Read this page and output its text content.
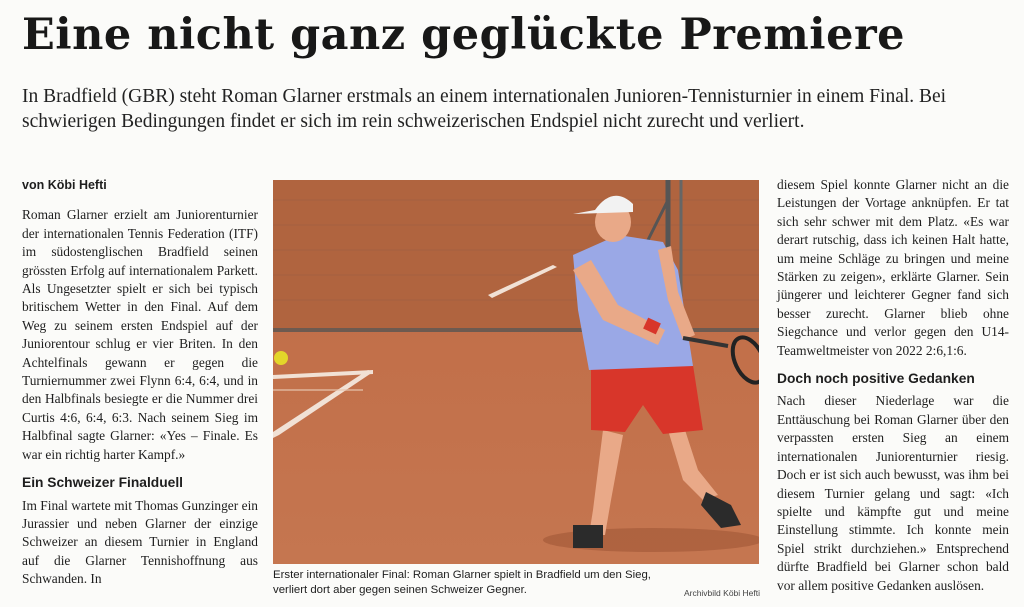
Eine nicht ganz geglückte Premiere

In Bradfield (GBR) steht Roman Glarner erstmals an einem internationalen Junioren-Tennisturnier in einem Final. Bei schwierigen Bedingungen findet er sich im rein schweizerischen Endspiel nicht zurecht und verliert.

von Köbi Hefti

Roman Glarner erzielt am Juniorenturnier der internationalen Tennis Federation (ITF) im südostenglischen Bradfield seinen grössten Erfolg auf internationalem Parkett. Als Ungesetzter spielt er sich bei typisch britischem Wetter in den Final. Auf dem Weg zu seinem ersten Endspiel auf der Juniorentour schlug er vier Briten. In den Achtelfinals gewann er gegen die Turniernummer zwei Flynn 6:4, 6:4, und in den Halbfinals besiegte er die Nummer drei Curtis 4:6, 6:4, 6:3. Nach seinem Sieg im Halbfinal sagte Glarner: «Yes – Finale. Es war ein richtig harter Kampf.»

Ein Schweizer Finalduell

Im Final wartete mit Thomas Gunzinger ein Jurassier und neben Glarner der einzige Schweizer an diesem Turnier in England auf die Glarner Tennishoffnung aus Schwanden. In	Erster internationaler Final: Roman Glarner spielt in Bradfield um den Sieg, verliert dort aber gegen seinen Schweizer Gegner.	Archivbild Köbi Hefti

diesem Spiel konnte Glarner nicht an die Leistungen der Vortage anknüpfen. Er tat sich sehr schwer mit dem Platz. «Es war derart rutschig, dass ich keinen Halt hatte, um meine Schläge zu bringen und meine Stärken zu zeigen», erklärte Glarner. Sein jüngerer und leichterer Gegner fand sich besser zurecht. Glarner blieb ohne Siegchance und verlor gegen den U14-Teamweltmeister von 2022 2:6,1:6.

Doch noch positive Gedanken

Nach dieser Niederlage war die Enttäuschung bei Roman Glarner über den verpassten ersten Sieg an einem internationalen Juniorenturnier riesig. Doch er ist sich auch bewusst, was ihm bei diesem Turnier gelang und sagt: «Ich spielte und kämpfte gut und meine Einstellung stimmte. Ich konnte mein Spiel strikt durchziehen.» Entsprechend dürfte Bradfield bei Glarner schon bald vor allem positive Gedanken auslösen.
